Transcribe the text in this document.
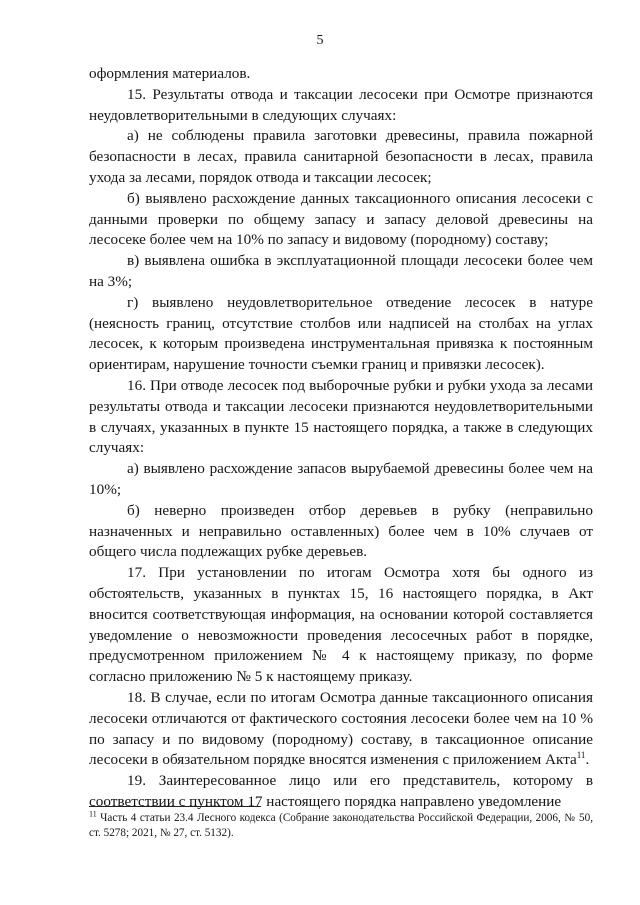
5

оформления материалов.

15. Результаты отвода и таксации лесосеки при Осмотре признаются неудовлетворительными в следующих случаях:

а) не соблюдены правила заготовки древесины, правила пожарной безопасности в лесах, правила санитарной безопасности в лесах, правила ухода за лесами, порядок отвода и таксации лесосек;

б) выявлено расхождение данных таксационного описания лесосеки с данными проверки по общему запасу и запасу деловой древесины на лесосеке более чем на 10% по запасу и видовому (породному) составу;

в) выявлена ошибка в эксплуатационной площади лесосеки более чем на 3%;

г) выявлено неудовлетворительное отведение лесосек в натуре (неясность границ, отсутствие столбов или надписей на столбах на углах лесосек, к которым произведена инструментальная привязка к постоянным ориентирам, нарушение точности съемки границ и привязки лесосек).

16. При отводе лесосек под выборочные рубки и рубки ухода за лесами результаты отвода и таксации лесосеки признаются неудовлетворительными в случаях, указанных в пункте 15 настоящего порядка, а также в следующих случаях:

а) выявлено расхождение запасов вырубаемой древесины более чем на 10%;

б) неверно произведен отбор деревьев в рубку (неправильно назначенных и неправильно оставленных) более чем в 10% случаев от общего числа подлежащих рубке деревьев.

17. При установлении по итогам Осмотра хотя бы одного из обстоятельств, указанных в пунктах 15, 16 настоящего порядка, в Акт вносится соответствующая информация, на основании которой составляется уведомление о невозможности проведения лесосечных работ в порядке, предусмотренном приложением № 4 к настоящему приказу, по форме согласно приложению № 5 к настоящему приказу.

18. В случае, если по итогам Осмотра данные таксационного описания лесосеки отличаются от фактического состояния лесосеки более чем на 10 % по запасу и по видовому (породному) составу, в таксационное описание лесосеки в обязательном порядке вносятся изменения с приложением Акта$^{11}$.

19. Заинтересованное лицо или его представитель, которому в соответствии с пунктом 17 настоящего порядка направлено уведомление

$^{11}$ Часть 4 статьи 23.4 Лесного кодекса (Собрание законодательства Российской Федерации, 2006, № 50, ст. 5278; 2021, № 27, ст. 5132).
